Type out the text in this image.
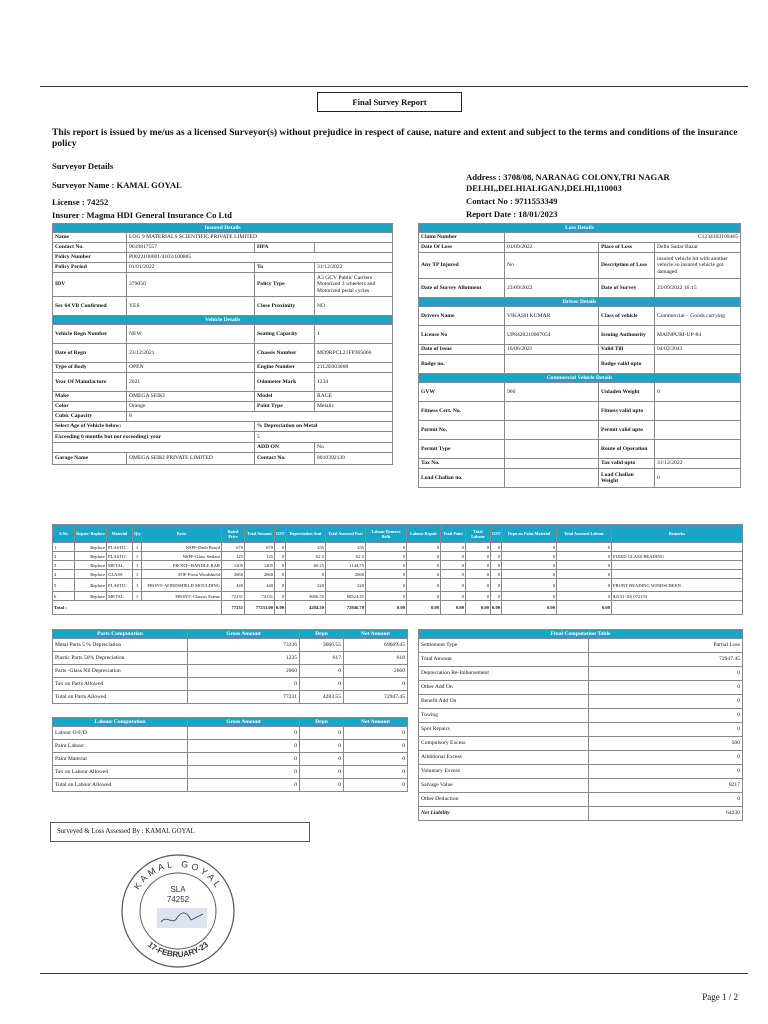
Final Survey Report
This report is issued by me/us as a licensed Surveyor(s) without prejudice in respect of cause, nature and extent and subject to the terms and conditions of the insurance policy
Surveyor Details
Surveyor Name : KAMAL GOYAL
License : 74252
Insurer : Magma HDI General Insurance Co Ltd
Address : 3708/08, NARANAG COLONY,TRI NAGAR
DELHI,,DELHIALIGANJ,DELHI,110003
Contact No : 9711553349
Report Date : 18/01/2023
Insured Details			
Name	LOG 9 MATERIALS SCIENTIFIC PRIVATE LIMITED		
Contact No.	9619817557	HPA	
Policy Number	P0022100001/4103/100885		
Policy Period	01/01/2022	To	31/12/2022
IDV	379050	Policy Type	A3 GCV Public Carriers Motorized 3 wheelers and Motorized pedal cycles
Sec 64 VB Confirmed	YES	Close Proximity	NO
Vehicle Details			
Vehicle Regn Number	NEW	Seating Capacity	1
Date of Regn	23/12/2021	Chassis Number	MD9RPCL21FP365066
Type of Body	OPEN	Engine Number	2112E003068
Year Of Manufacture	2021	Odometer Mark	1234
Make	OMEGA SEIKI	Model	RAGE
Color	Orange	Paint Type	Metalic
Cubic Capacity	8		
Select Age of Vehicle below:		% Depreciation on Metal	
Exceeding 6 months but not exceeding1 year		5	
		ADD ON	No
Garage Name	OMEGA SEIKI PRIVATE LIMITED	Contact No.	8010392139
Loss Details			
Claim Number	C1234103109465		
Date Of Loss	01/09/2022	Place of Loss	Delhi Sadar Bazar
Any TP Injured	No	Description of Loss	insured vehicle hit with another vehicle so insured vehicle got damaged
Date of Survey Allotment	23/09/2022	Date of Survey	23/09/2022 16:15
Driver Details			
Drivers Name	VIKASH KUMAR	Class of vehicle	Commercial – Goods carrying
License No	UP8420210007054	Issuing Authourity	MAINPURI-UP-84
Date of Issue	16/06/2021	Valid Till	04/02/2043
Badge no.		Badge valid upto	
Commercial Vehicle Details			
GVW	960	Unladen Weight	0
Fitness Cert. No.		Fitness valid upto	
Permit No.		Permit valid upto	
Permit Type		Route of Operation	
Tax No.		Tax valid upto	31/12/2022
Load Challan no.		Load Challan Weight	0
S.No	Repair/ Replace	Material	Qty	Parts	Rated Price	Total Amount	GST	Depreciation Amt	Total Assessed Part	Labour Remove Refit	Labour Repair	Total Paint	Total Labour	GST	Depn on Paint Material	Total Assessed Labour	Remarks
1	Replace	PLASTIC	1	NSPF-Dash Board	670	670	0	335	335	0	0	0	0	0	0	0	
2	Replace	PLASTIC	1	NSPF-Glass Sealant	125	125	0	62.5	62.5	0	0	0	0	0	0	0	FIXED GLASS BEADING
3	Replace	METAL	1	FRONT--HANDLE BAR	1205	1205	0	60.25	1144.75	0	0	0	0	0	0	0	
4	Replace	GLASS	1	SOF-Front Windshield	2660	2660	0	0	2660	0	0	0	0	0	0	0	
5	Replace	PLASTIC	1	FRONT--WINDSHIELD MOULDING	440	440	0	220	220	0	0	0	0	0	0	0	FRONT BEADING WINDSCREEN
6	Replace	METAL	1	FRONT--Chassis Frame	72131	72131	0	3606.55	68524.45	0	0	0	0	0	0	0	$2131-10( 072153
Total :					77231	77231.00	0.00	4284.30	72946.70	0.00	0.00	0.00	0.00	0.00	0.00	0.00	
Parts Computation	Gross Amount	Depn	Net Amount
Metal Parts 5 % Depreciation	73336	3666.55	69669.45
Plastic Parts 50% Depreciation	1235	617	618
Parts -Glass Nil Depreciation	2660	0	2660
Tax on Parts Allowed	0	0	0
Total on Parts Allowed	77231	4283.55	72947.45
Labour Computation	Gross Amount	Depn	Net Amount
Labour O/F/D	0	0	0
Paint Labour	0	0	0
Paint Material	0	0	0
Tax on Labour Allowed	0	0	0
Total on Labour Allowed	0	0	0
Final Computation Table	
Settlement Type	Partial Loss
Total Amount	72947.45
Depreciation Re-Imbursement	0
Other Add On	0
Benefit Add On	0
Towing	0
Spot Repairs	0
Compulsory Excess	500
Additional Excess	0
Voluntary Excess	0
Salvage Value	8217
Other Deduction	0
Net Liability	64230
Surveyed & Loss Assessed By : KAMAL GOYAL
KAMAL GOYAL
17-FEBRUARY-23
SLA
74252
Page 1 / 2
